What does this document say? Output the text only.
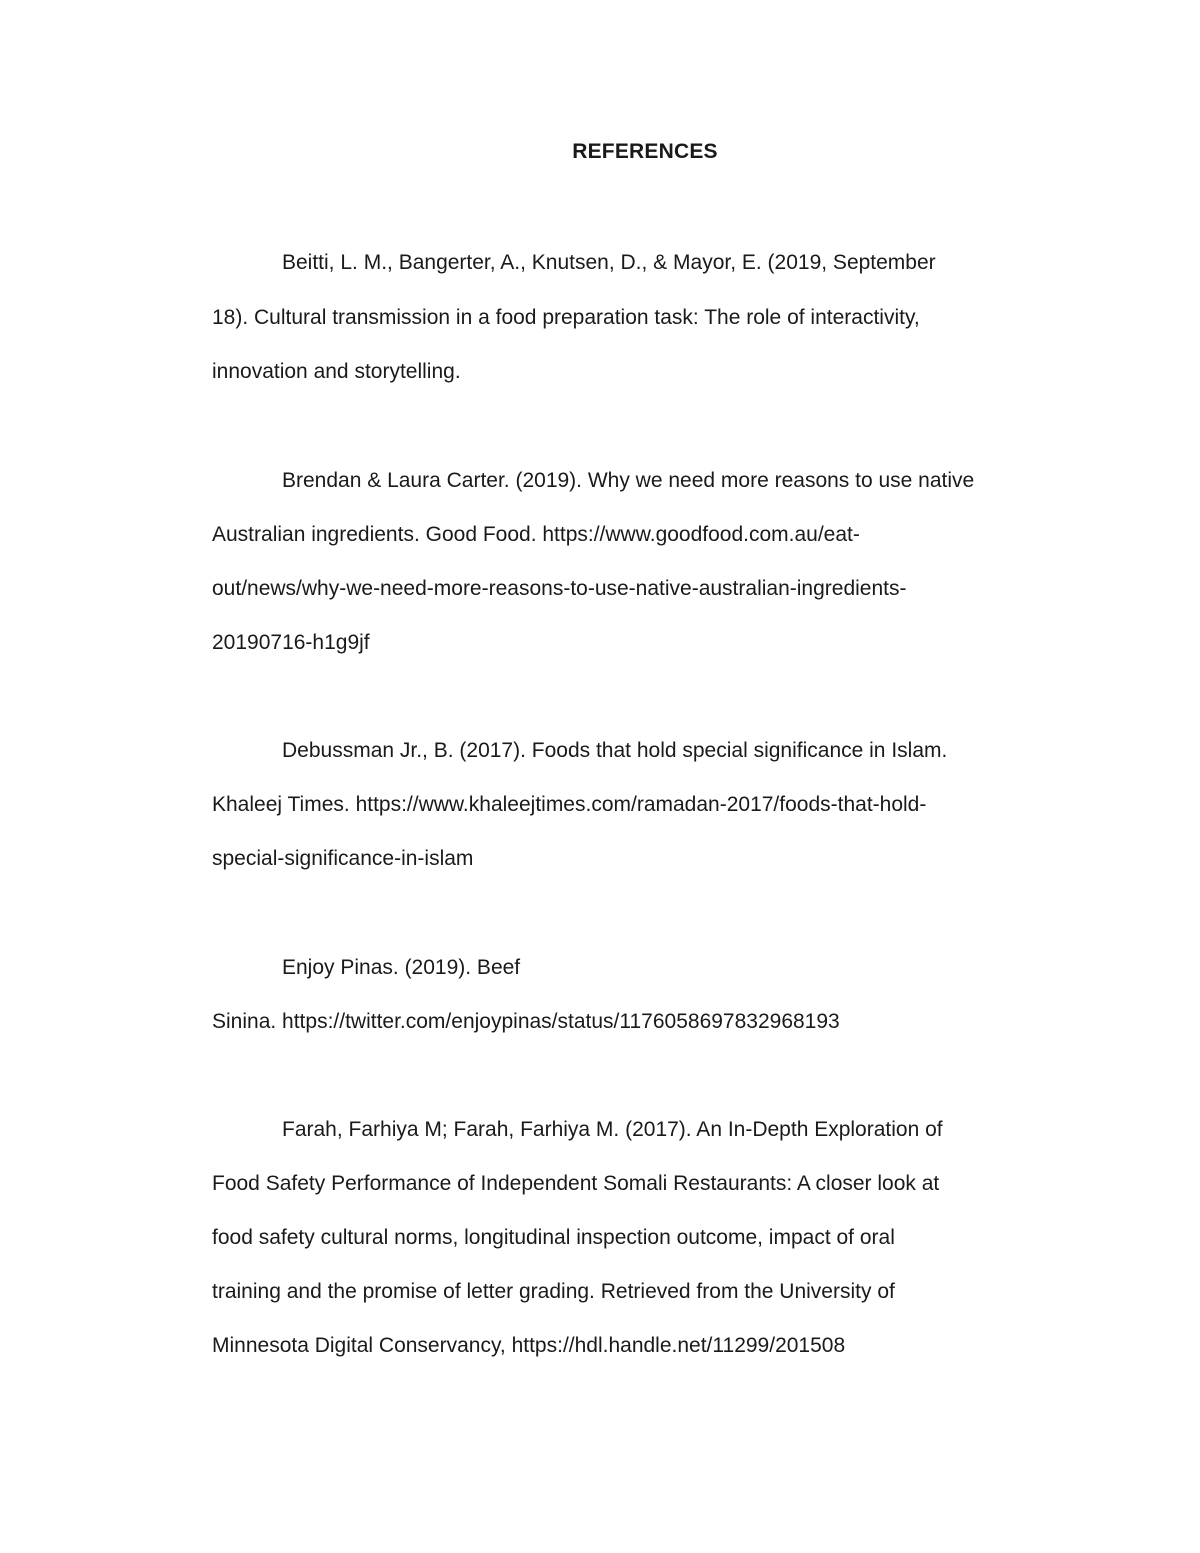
REFERENCES
Beitti, L. M., Bangerter, A., Knutsen, D., & Mayor, E. (2019, September
18). Cultural transmission in a food preparation task: The role of interactivity,
innovation and storytelling.
Brendan & Laura Carter. (2019). Why we need more reasons to use native
Australian ingredients. Good Food. https://www.goodfood.com.au/eat-
out/news/why-we-need-more-reasons-to-use-native-australian-ingredients-
20190716-h1g9jf
Debussman Jr., B. (2017). Foods that hold special significance in Islam.
Khaleej Times. https://www.khaleejtimes.com/ramadan-2017/foods-that-hold-
special-significance-in-islam
Enjoy Pinas. (2019). Beef
Sinina. https://twitter.com/enjoypinas/status/1176058697832968193
Farah, Farhiya M; Farah, Farhiya M. (2017). An In-Depth Exploration of
Food Safety Performance of Independent Somali Restaurants: A closer look at
food safety cultural norms, longitudinal inspection outcome, impact of oral
training and the promise of letter grading. Retrieved from the University of
Minnesota Digital Conservancy, https://hdl.handle.net/11299/201508
